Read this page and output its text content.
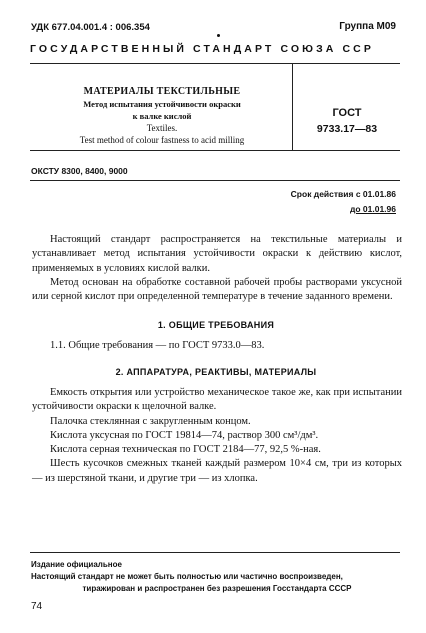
УДК 677.04.001.4 : 006.354	Группа М09
ГОСУДАРСТВЕННЫЙ СТАНДАРТ СОЮЗА ССР
МАТЕРИАЛЫ ТЕКСТИЛЬНЫЕ
Метод испытания устойчивости окраски
к валке кислой
Textiles.
Test method of colour fastness to acid milling
ГОСТ
9733.17—83
ОКСТУ 8300, 8400, 9000
Срок действия с 01.01.86
до 01.01.96

Настоящий стандарт распространяется на текстильные материалы и устанавливает метод испытания устойчивости окраски к действию кислот, применяемых в условиях кислой валки.

Метод основан на обработке составной рабочей пробы растворами уксусной или серной кислот при определенной температуре в течение заданного времени.

1. ОБЩИЕ ТРЕБОВАНИЯ

1.1. Общие требования — по ГОСТ 9733.0—83.

2. АППАРАТУРА, РЕАКТИВЫ, МАТЕРИАЛЫ

Емкость открытия или устройство механическое такое же, как при испытании устойчивости окраски к щелочной валке.

Палочка стеклянная с закругленным концом.

Кислота уксусная по ГОСТ 19814—74, раствор 300 см³/дм³.

Кислота серная техническая по ГОСТ 2184—77, 92,5 %-ная.

Шесть кусочков смежных тканей каждый размером 10×4 см, три из которых — из шерстяной ткани, и другие три — из хлопка.

Издание официальное
Настоящий стандарт не может быть полностью или частично воспроизведен,
тиражирован и распространен без разрешения Госстандарта СССР
74
